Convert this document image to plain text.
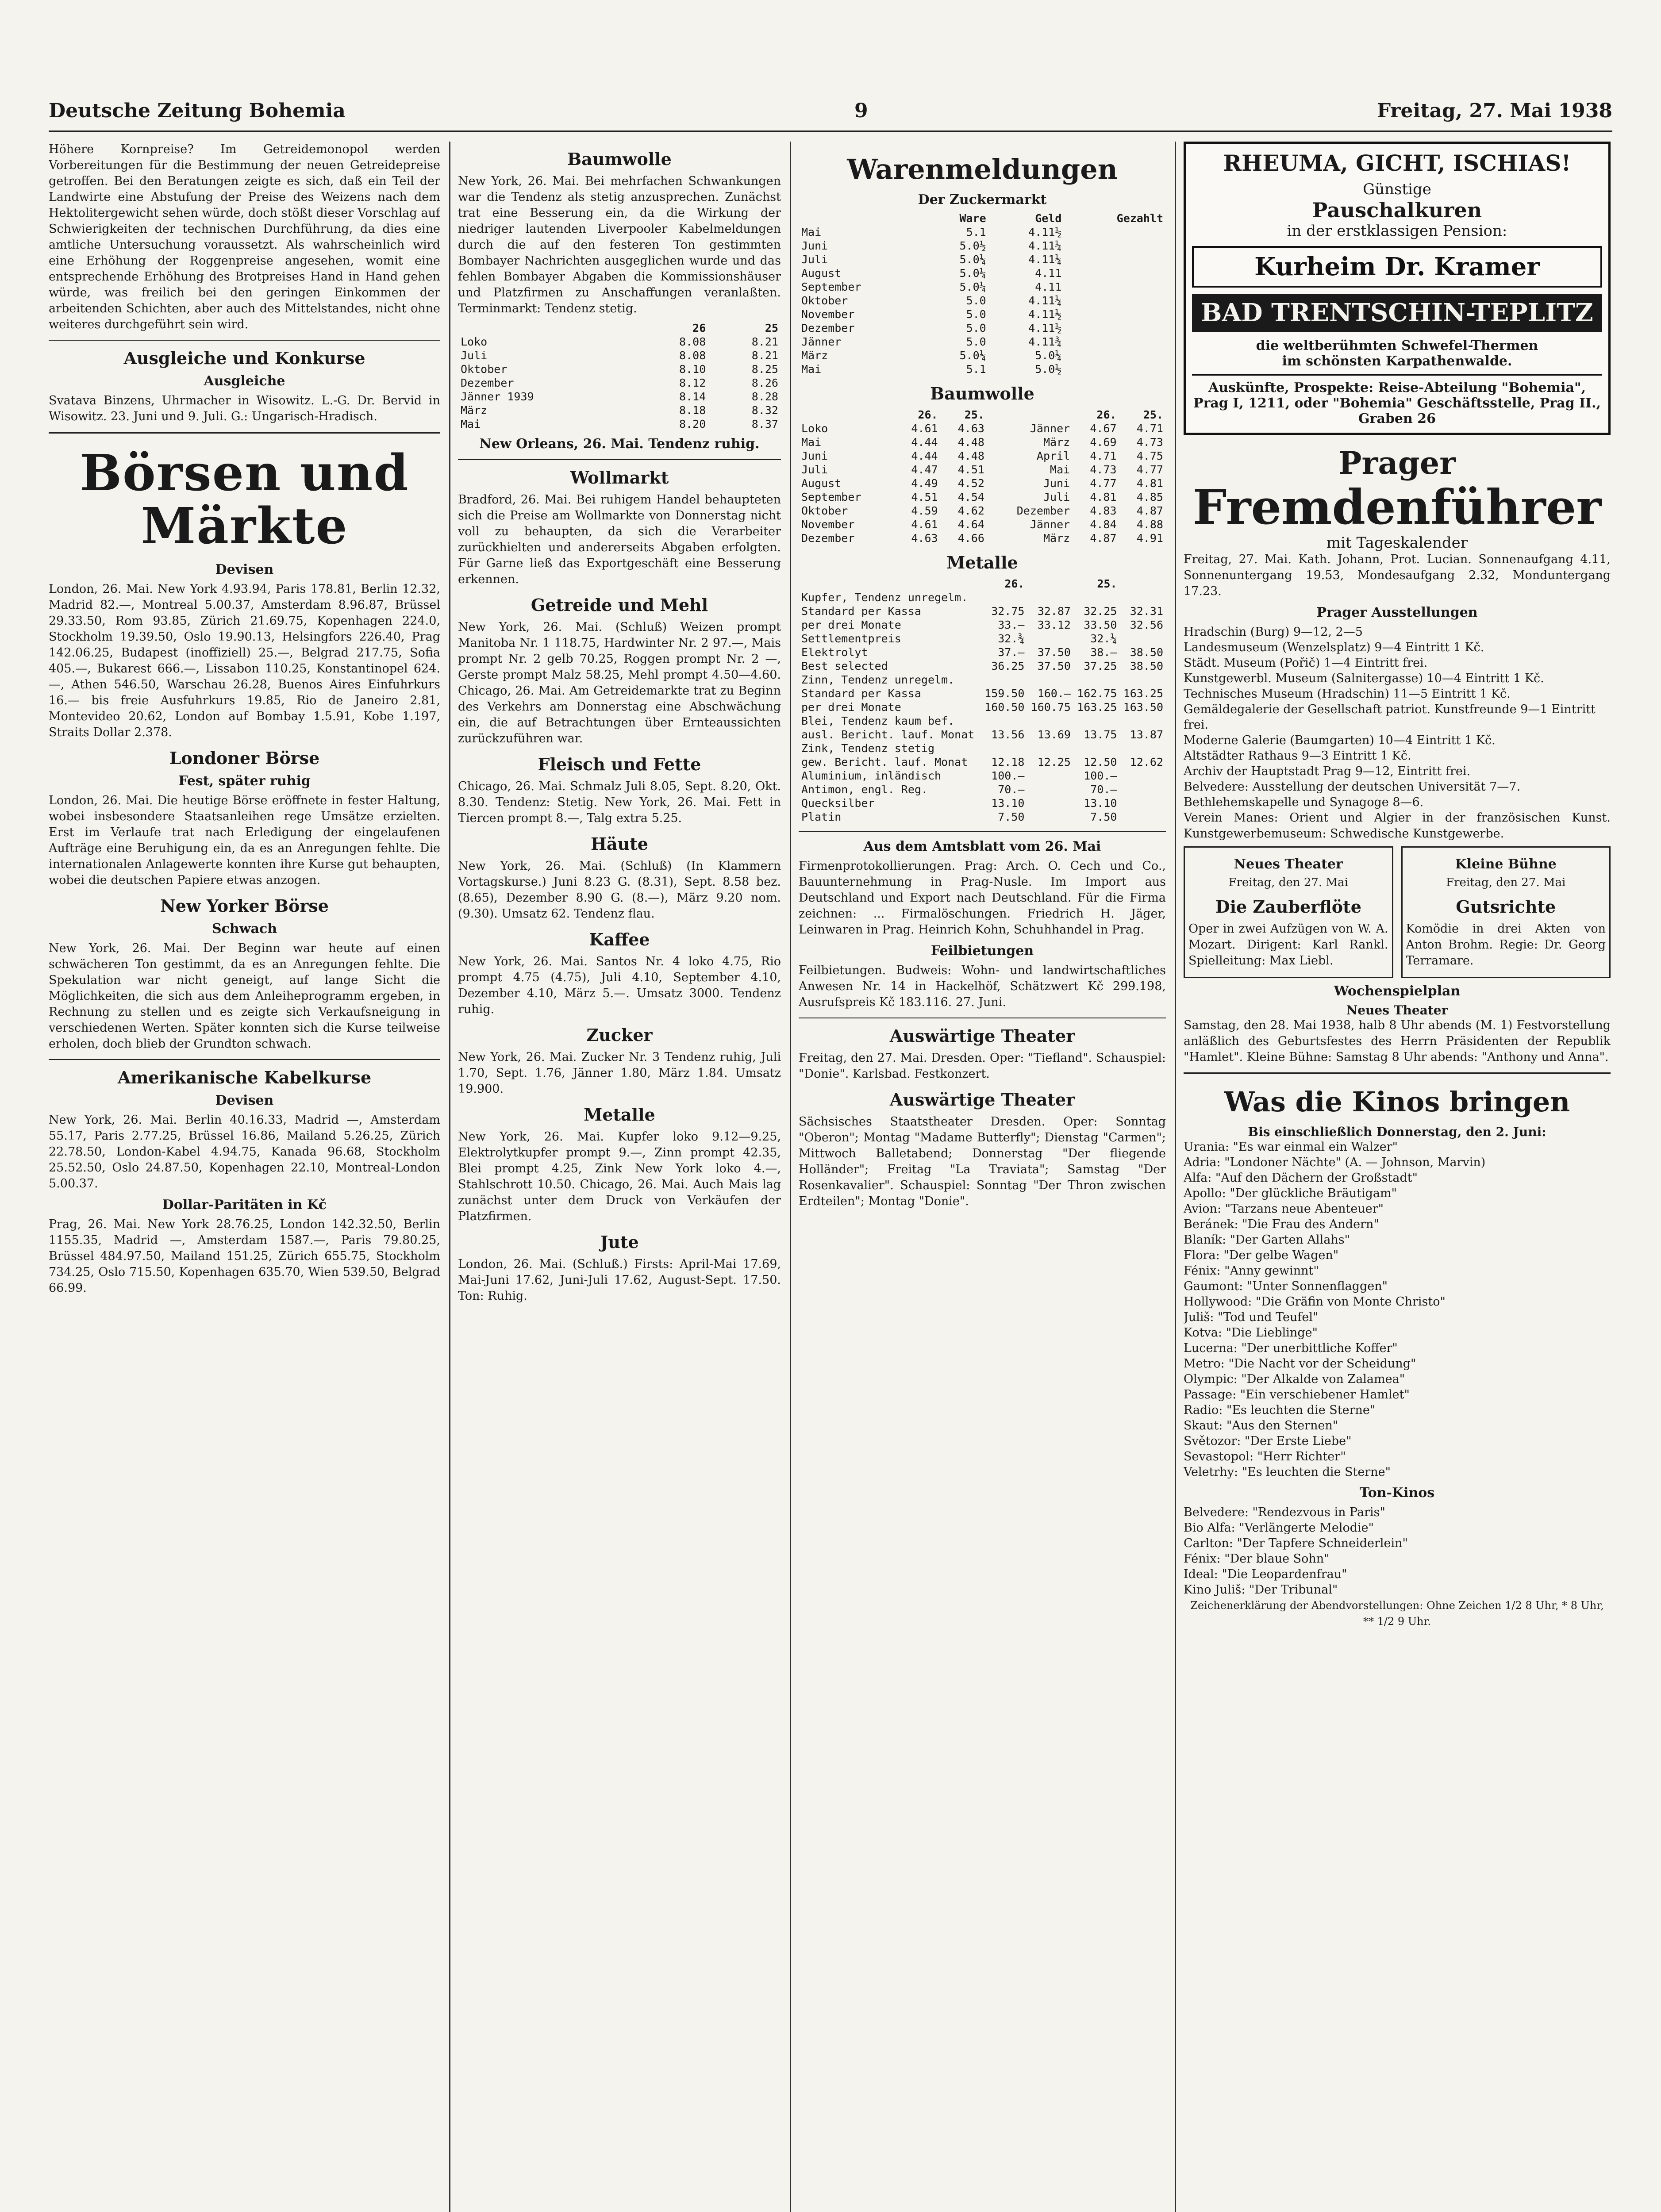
Deutsche Zeitung Bohemia	9	Freitag, 27. Mai 1938

Höhere Kornpreise? Im Getreidemonopol werden Vorbereitungen für die Bestimmung der neuen Getreidepreise getroffen. Bei den Beratungen zeigte es sich, daß ein Teil der Landwirte eine Abstufung der Preise des Weizens nach dem Hektolitergewicht sehen würde, doch stößt dieser Vorschlag auf Schwierigkeiten der technischen Durchführung, da dies eine amtliche Untersuchung voraussetzt. Als wahrscheinlich wird eine Erhöhung der Roggenpreise angesehen, womit eine entsprechende Erhöhung des Brotpreises Hand in Hand gehen würde, was freilich bei den geringen Einkommen der arbeitenden Schichten, aber auch des Mittelstandes, nicht ohne weiteres durchgeführt sein wird.

Ausgleiche und Konkurse
Ausgleiche

Svatava Binzens, Uhrmacher in Wisowitz. L.-G. Dr. Bervid in Wisowitz. 23. Juni und 9. Juli. G.: Ungarisch-Hradisch.

Börsen und Märkte
Devisen

London, 26. Mai. New York 4.93.94, Paris 178.81, Berlin 12.32, Madrid 82.—, Montreal 5.00.37, Amsterdam 8.96.87, Brüssel 29.33.50, Rom 93.85, Zürich 21.69.75, Kopenhagen 224.0, Stockholm 19.39.50, Oslo 19.90.13, Helsingfors 226.40, Prag 142.06.25, Budapest (inoffiziell) 25.—, Belgrad 217.75, Sofia 405.—, Bukarest 666.—, Lissabon 110.25, Konstantinopel 624.—, Athen 546.50, Warschau 26.28, Buenos Aires Einfuhrkurs 16.— bis freie Ausfuhrkurs 19.85, Rio de Janeiro 2.81, Montevideo 20.62, London auf Bombay 1.5.91, Kobe 1.197, Straits Dollar 2.378.

Londoner Börse
Fest, später ruhig

London, 26. Mai. Die heutige Börse eröffnete in fester Haltung, wobei insbesondere Staatsanleihen rege Umsätze erzielten. Erst im Verlaufe trat nach Erledigung der eingelaufenen Aufträge eine Beruhigung ein, da es an Anregungen fehlte. Die internationalen Anlagewerte konnten ihre Kurse gut behaupten, wobei die deutschen Papiere etwas anzogen.

New Yorker Börse
Schwach

New York, 26. Mai. Der Beginn war heute auf einen schwächeren Ton gestimmt, da es an Anregungen fehlte. Die Spekulation war nicht geneigt, auf lange Sicht die Möglichkeiten, die sich aus dem Anleiheprogramm ergeben, in Rechnung zu stellen und es zeigte sich Verkaufsneigung in verschiedenen Werten. Später konnten sich die Kurse teilweise erholen, doch blieb der Grundton schwach.

Amerikanische Kabelkurse
Devisen

New York, 26. Mai. Berlin 40.16.33, Madrid —, Amsterdam 55.17, Paris 2.77.25, Brüssel 16.86, Mailand 5.26.25, Zürich 22.78.50, London-Kabel 4.94.75, Kanada 96.68, Stockholm 25.52.50, Oslo 24.87.50, Kopenhagen 22.10, Montreal-London 5.00.37.

Dollar-Paritäten in Kč

Prag, 26. Mai. New York 28.76.25, London 142.32.50, Berlin 1155.35, Madrid —, Amsterdam 1587.—, Paris 79.80.25, Brüssel 484.97.50, Mailand 151.25, Zürich 655.75, Stockholm 734.25, Oslo 715.50, Kopenhagen 635.70, Wien 539.50, Belgrad 66.99.

Baumwolle

New York, 26. Mai. Bei mehrfachen Schwankungen war die Tendenz als stetig anzusprechen. Zunächst trat eine Besserung ein, da die Wirkung der niedriger lautenden Liverpooler Kabelmeldungen durch die auf den festeren Ton gestimmten Bombayer Nachrichten ausgeglichen wurde und das fehlen Bombayer Abgaben die Kommissionshäuser und Platzfirmen zu Anschaffungen veranlaßten. Terminmarkt: Tendenz stetig.

	26	25
Loko	8.08	8.21
Juli	8.08	8.21
Oktober	8.10	8.25
Dezember	8.12	8.26
Jänner 1939	8.14	8.28
März	8.18	8.32
Mai	8.20	8.37
New Orleans, 26. Mai. Tendenz ruhig.
Wollmarkt

Bradford, 26. Mai. Bei ruhigem Handel behaupteten sich die Preise am Wollmarkte von Donnerstag nicht voll zu behaupten, da sich die Verarbeiter zurückhielten und andererseits Abgaben erfolgten. Für Garne ließ das Exportgeschäft eine Besserung erkennen.

Getreide und Mehl

New York, 26. Mai. (Schluß) Weizen prompt Manitoba Nr. 1 118.75, Hardwinter Nr. 2 97.—, Mais prompt Nr. 2 gelb 70.25, Roggen prompt Nr. 2 —, Gerste prompt Malz 58.25, Mehl prompt 4.50—4.60. Chicago, 26. Mai. Am Getreidemarkte trat zu Beginn des Verkehrs am Donnerstag eine Abschwächung ein, die auf Betrachtungen über Ernteaussichten zurückzuführen war.

Fleisch und Fette

Chicago, 26. Mai. Schmalz Juli 8.05, Sept. 8.20, Okt. 8.30. Tendenz: Stetig. New York, 26. Mai. Fett in Tiercen prompt 8.—, Talg extra 5.25.

Häute

New York, 26. Mai. (Schluß) (In Klammern Vortagskurse.) Juni 8.23 G. (8.31), Sept. 8.58 bez. (8.65), Dezember 8.90 G. (8.—), März 9.20 nom. (9.30). Umsatz 62. Tendenz flau.

Kaffee

New York, 26. Mai. Santos Nr. 4 loko 4.75, Rio prompt 4.75 (4.75), Juli 4.10, September 4.10, Dezember 4.10, März 5.—. Umsatz 3000. Tendenz ruhig.

Zucker

New York, 26. Mai. Zucker Nr. 3 Tendenz ruhig, Juli 1.70, Sept. 1.76, Jänner 1.80, März 1.84. Umsatz 19.900.

Metalle

New York, 26. Mai. Kupfer loko 9.12—9.25, Elektrolytkupfer prompt 9.—, Zinn prompt 42.35, Blei prompt 4.25, Zink New York loko 4.—, Stahlschrott 10.50. Chicago, 26. Mai. Auch Mais lag zunächst unter dem Druck von Verkäufen der Platzfirmen.

Jute

London, 26. Mai. (Schluß.) Firsts: April-Mai 17.69, Mai-Juni 17.62, Juni-Juli 17.62, August-Sept. 17.50. Ton: Ruhig.

Warenmeldungen
Der Zuckermarkt
	Ware	Geld	Gezahlt
Mai	5.1	4.11½	
Juni	5.0½	4.11¼	
Juli	5.0¼	4.11¼	
August	5.0¼	4.11	
September	5.0¼	4.11	
Oktober	5.0	4.11¼	
November	5.0	4.11½	
Dezember	5.0	4.11½	
Jänner	5.0	4.11¾	
März	5.0¼	5.0¼	
Mai	5.1	5.0½	
Baumwolle
	26.	25.		26.	25.
Loko	4.61	4.63	Jänner	4.67	4.71
Mai	4.44	4.48	März	4.69	4.73
Juni	4.44	4.48	April	4.71	4.75
Juli	4.47	4.51	Mai	4.73	4.77
August	4.49	4.52	Juni	4.77	4.81
September	4.51	4.54	Juli	4.81	4.85
Oktober	4.59	4.62	Dezember	4.83	4.87
November	4.61	4.64	Jänner	4.84	4.88
Dezember	4.63	4.66	März	4.87	4.91
Metalle
	26.		25.	
Kupfer, Tendenz unregelm.				
Standard per Kassa	32.75	32.87	32.25	32.31
per drei Monate	33.—	33.12	33.50	32.56
Settlementpreis	32.¾		32.¼	
Elektrolyt	37.—	37.50	38.—	38.50
Best selected	36.25	37.50	37.25	38.50
Zinn, Tendenz unregelm.				
Standard per Kassa	159.50	160.—	162.75	163.25
per drei Monate	160.50	160.75	163.25	163.50
Blei, Tendenz kaum bef.				
ausl. Bericht. lauf. Monat	13.56	13.69	13.75	13.87
Zink, Tendenz stetig				
gew. Bericht. lauf. Monat	12.18	12.25	12.50	12.62
Aluminium, inländisch	100.—		100.—	
Antimon, engl. Reg.	70.—		70.—	
Quecksilber	13.10		13.10	
Platin	7.50		7.50	
Aus dem Amtsblatt vom 26. Mai

Firmenprotokollierungen. Prag: Arch. O. Cech und Co., Bauunternehmung in Prag-Nusle. Im Import aus Deutschland und Export nach Deutschland. Für die Firma zeichnen: ... Firmalöschungen. Friedrich H. Jäger, Leinwaren in Prag. Heinrich Kohn, Schuhhandel in Prag.

Feilbietungen

Feilbietungen. Budweis: Wohn- und landwirtschaftliches Anwesen Nr. 14 in Hackelhöf, Schätzwert Kč 299.198, Ausrufspreis Kč 183.116. 27. Juni.

Auswärtige Theater

Freitag, den 27. Mai. Dresden. Oper: "Tiefland". Schauspiel: "Donie". Karlsbad. Festkonzert.

Auswärtige Theater

Sächsisches Staatstheater Dresden. Oper: Sonntag "Oberon"; Montag "Madame Butterfly"; Dienstag "Carmen"; Mittwoch Balletabend; Donnerstag "Der fliegende Holländer"; Freitag "La Traviata"; Samstag "Der Rosenkavalier". Schauspiel: Sonntag "Der Thron zwischen Erdteilen"; Montag "Donie".

RHEUMA, GICHT, ISCHIAS!
Günstige
Pauschalkuren
in der erstklassigen Pension:
Kurheim Dr. Kramer
BAD TRENTSCHIN-TEPLITZ
die weltberühmten Schwefel-Thermen
im schönsten Karpathenwalde.
Auskünfte, Prospekte: Reise-Abteilung "Bohemia", Prag I, 1211, oder "Bohemia" Geschäftsstelle, Prag II., Graben 26
Prager
Fremdenführer
mit Tageskalender

Freitag, 27. Mai. Kath. Johann, Prot. Lucian. Sonnenaufgang 4.11, Sonnenuntergang 19.53, Mondesaufgang 2.32, Monduntergang 17.23.

Prager Ausstellungen

Hradschin (Burg) 9—12, 2—5

Landesmuseum (Wenzelsplatz) 9—4 Eintritt 1 Kč.

Städt. Museum (Pořič) 1—4 Eintritt frei.

Kunstgewerbl. Museum (Salnitergasse) 10—4 Eintritt 1 Kč.

Technisches Museum (Hradschin) 11—5 Eintritt 1 Kč.

Gemäldegalerie der Gesellschaft patriot. Kunstfreunde 9—1 Eintritt frei.

Moderne Galerie (Baumgarten) 10—4 Eintritt 1 Kč.

Altstädter Rathaus 9—3 Eintritt 1 Kč.

Archiv der Hauptstadt Prag 9—12, Eintritt frei.

Belvedere: Ausstellung der deutschen Universität 7—7.

Bethlehemskapelle und Synagoge 8—6.

Verein Manes: Orient und Algier in der französischen Kunst. Kunstgewerbemuseum: Schwedische Kunstgewerbe.

Neues Theater
Freitag, den 27. Mai
Die Zauberflöte

Oper in zwei Aufzügen von W. A. Mozart. Dirigent: Karl Rankl. Spielleitung: Max Liebl.

Kleine Bühne
Freitag, den 27. Mai
Gutsrichte

Komödie in drei Akten von Anton Brohm. Regie: Dr. Georg Terramare.

Wochenspielplan
Neues Theater

Samstag, den 28. Mai 1938, halb 8 Uhr abends (M. 1) Festvorstellung anläßlich des Geburtsfestes des Herrn Präsidenten der Republik "Hamlet". Kleine Bühne: Samstag 8 Uhr abends: "Anthony und Anna".

Was die Kinos bringen
Bis einschließlich Donnerstag, den 2. Juni:

Urania: "Es war einmal ein Walzer"

Adria: "Londoner Nächte" (A. — Johnson, Marvin)

Alfa: "Auf den Dächern der Großstadt"

Apollo: "Der glückliche Bräutigam"

Avion: "Tarzans neue Abenteuer"

Beránek: "Die Frau des Andern"

Blaník: "Der Garten Allahs"

Flora: "Der gelbe Wagen"

Fénix: "Anny gewinnt"

Gaumont: "Unter Sonnenflaggen"

Hollywood: "Die Gräfin von Monte Christo"

Juliš: "Tod und Teufel"

Kotva: "Die Lieblinge"

Lucerna: "Der unerbittliche Koffer"

Metro: "Die Nacht vor der Scheidung"

Olympic: "Der Alkalde von Zalamea"

Passage: "Ein verschiebener Hamlet"

Radio: "Es leuchten die Sterne"

Skaut: "Aus den Sternen"

Světozor: "Der Erste Liebe"

Sevastopol: "Herr Richter"

Veletrhy: "Es leuchten die Sterne"

Ton-Kinos

Belvedere: "Rendezvous in Paris"

Bio Alfa: "Verlängerte Melodie"

Carlton: "Der Tapfere Schneiderlein"

Fénix: "Der blaue Sohn"

Ideal: "Die Leopardenfrau"

Kino Juliš: "Der Tribunal"

Zeichenerklärung der Abendvorstellungen: Ohne Zeichen 1/2 8 Uhr, * 8 Uhr, ** 1/2 9 Uhr.
